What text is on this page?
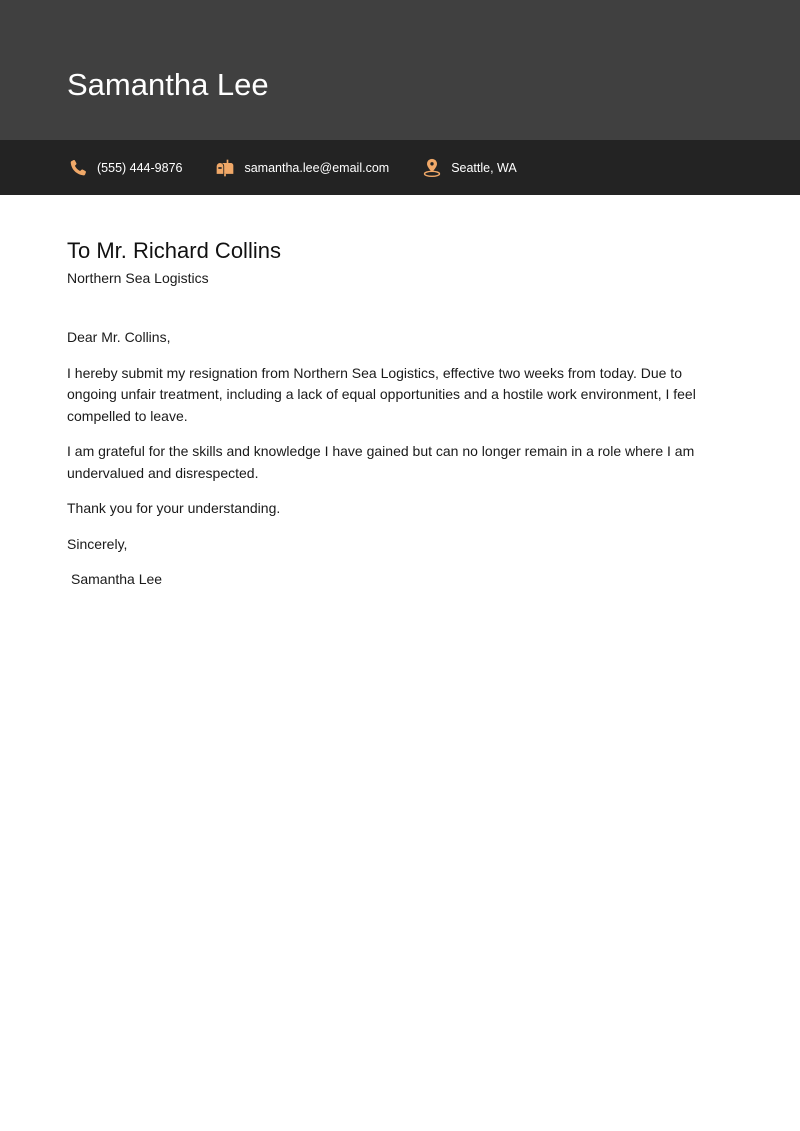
Samantha Lee
(555) 444-9876	samantha.lee@email.com	Seattle, WA
To Mr. Richard Collins
Northern Sea Logistics
Dear Mr. Collins,
I hereby submit my resignation from Northern Sea Logistics, effective two weeks from today. Due to ongoing unfair treatment, including a lack of equal opportunities and a hostile work environment, I feel compelled to leave.
I am grateful for the skills and knowledge I have gained but can no longer remain in a role where I am undervalued and disrespected.
Thank you for your understanding.
Sincerely,
Samantha Lee
